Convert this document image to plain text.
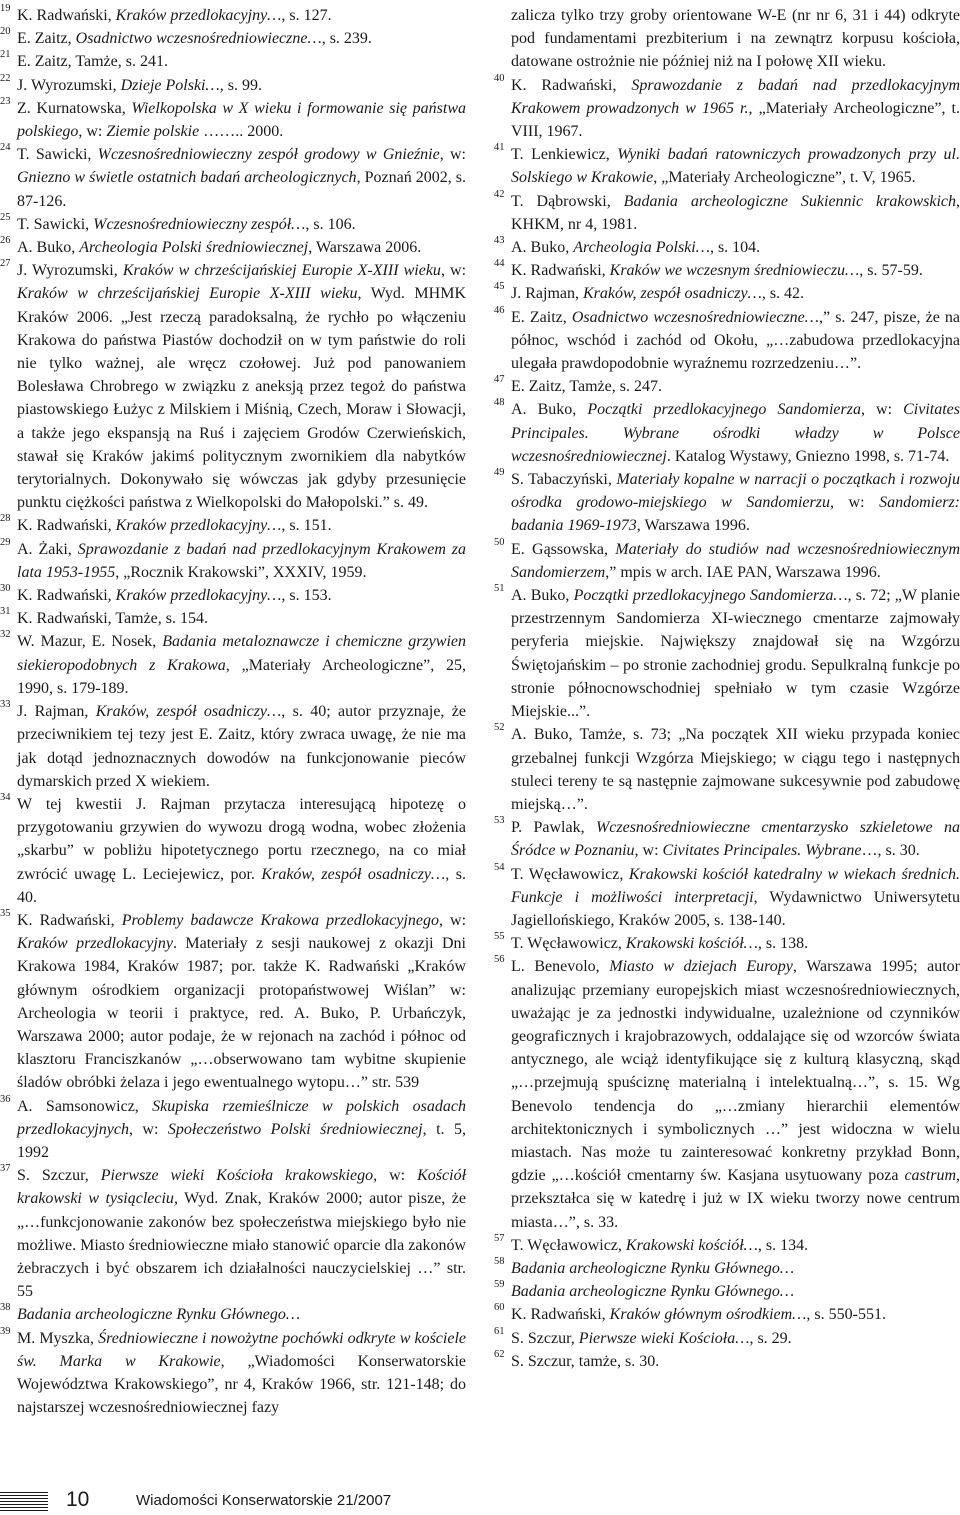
19 K. Radwański, Kraków przedlokacyjny…, s. 127.

20 E. Zaitz, Osadnictwo wczesnośredniowieczne…, s. 239.

21 E. Zaitz, Tamże, s. 241.

22 J. Wyrozumski, Dzieje Polski…, s. 99.

23 Z. Kurnatowska, Wielkopolska w X wieku i formowanie się państwa polskiego, w: Ziemie polskie …….. 2000.

24 T. Sawicki, Wczesnośredniowieczny zespół grodowy w Gnieźnie, w: Gniezno w świetle ostatnich badań archeologicznych, Poznań 2002, s. 87-126.

25 T. Sawicki, Wczesnośredniowieczny zespół…, s. 106.

26 A. Buko, Archeologia Polski średniowiecznej, Warszawa 2006.

27 J. Wyrozumski, Kraków w chrześcijańskiej Europie X-XIII wieku, w: Kraków w chrześcijańskiej Europie X-XIII wieku, Wyd. MHMK Kraków 2006. „Jest rzeczą paradoksalną, że rychło po włączeniu Krakowa do państwa Piastów dochodził on w tym państwie do roli nie tylko ważnej, ale wręcz czołowej. Już pod panowaniem Bolesława Chrobrego w związku z aneksją przez tegoż do państwa piastowskiego Łużyc z Milskiem i Miśnią, Czech, Moraw i Słowacji, a także jego ekspansją na Ruś i zajęciem Grodów Czerwieńskich, stawał się Kraków jakimś politycznym zwornikiem dla nabytków terytorialnych. Dokonywało się wówczas jak gdyby przesunięcie punktu ciężkości państwa z Wielkopolski do Małopolski.” s. 49.

28 K. Radwański, Kraków przedlokacyjny…, s. 151.

29 A. Żaki, Sprawozdanie z badań nad przedlokacyjnym Krakowem za lata 1953-1955, „Rocznik Krakowski”, XXXIV, 1959.

30 K. Radwański, Kraków przedlokacyjny…, s. 153.

31 K. Radwański, Tamże, s. 154.

32 W. Mazur, E. Nosek, Badania metaloznawcze i chemiczne grzywien siekieropodobnych z Krakowa, „Materiały Archeologiczne”, 25, 1990, s. 179-189.

33 J. Rajman, Kraków, zespół osadniczy…, s. 40; autor przyznaje, że przeciwnikiem tej tezy jest E. Zaitz, który zwraca uwagę, że nie ma jak dotąd jednoznacznych dowodów na funkcjonowanie pieców dymarskich przed X wiekiem.

34 W tej kwestii J. Rajman przytacza interesującą hipotezę o przygotowaniu grzywien do wywozu drogą wodna, wobec złożenia „skarbu” w pobliżu hipotetycznego portu rzecznego, na co miał zwrócić uwagę L. Leciejewicz, por. Kraków, zespół osadniczy…, s. 40.

35 K. Radwański, Problemy badawcze Krakowa przedlokacyjnego, w: Kraków przedlokacyjny. Materiały z sesji naukowej z okazji Dni Krakowa 1984, Kraków 1987; por. także K. Radwański „Kraków głównym ośrodkiem organizacji protopaństwowej Wiślan” w: Archeologia w teorii i praktyce, red. A. Buko, P. Urbańczyk, Warszawa 2000; autor podaje, że w rejonach na zachód i północ od klasztoru Franciszkanów „…obserwowano tam wybitne skupienie śladów obróbki żelaza i jego ewentualnego wytopu…” str. 539

36 A. Samsonowicz, Skupiska rzemieślnicze w polskich osadach przedlokacyjnych, w: Społeczeństwo Polski średniowiecznej, t. 5, 1992

37 S. Szczur, Pierwsze wieki Kościoła krakowskiego, w: Kościół krakowski w tysiącleciu, Wyd. Znak, Kraków 2000; autor pisze, że „…funkcjonowanie zakonów bez społeczeństwa miejskiego było nie możliwe. Miasto średniowieczne miało stanowić oparcie dla zakonów żebraczych i być obszarem ich działalności nauczycielskiej …” str. 55

38 Badania archeologiczne Rynku Głównego…

39 M. Myszka, Średniowieczne i nowożytne pochówki odkryte w kościele św. Marka w Krakowie, „Wiadomości Konserwatorskie Województwa Krakowskiego”, nr 4, Kraków 1966, str. 121-148; do najstarszej wczesnośredniowiecznej fazy

zalicza tylko trzy groby orientowane W-E (nr nr 6, 31 i 44) odkryte pod fundamentami prezbiterium i na zewnątrz korpusu kościoła, datowane ostrożnie nie później niż na I połowę XII wieku.

40 K. Radwański, Sprawozdanie z badań nad przedlokacyjnym Krakowem prowadzonych w 1965 r., „Materiały Archeologiczne”, t. VIII, 1967.

41 T. Lenkiewicz, Wyniki badań ratowniczych prowadzonych przy ul. Solskiego w Krakowie, „Materiały Archeologiczne”, t. V, 1965.

42 T. Dąbrowski, Badania archeologiczne Sukiennic krakowskich, KHKM, nr 4, 1981.

43 A. Buko, Archeologia Polski…, s. 104.

44 K. Radwański, Kraków we wczesnym średniowieczu…, s. 57-59.

45 J. Rajman, Kraków, zespół osadniczy…, s. 42.

46 E. Zaitz, Osadnictwo wczesnośredniowieczne…,” s. 247, pisze, że na północ, wschód i zachód od Okołu, „…zabudowa przedlokacyjna ulegała prawdopodobnie wyraźnemu rozrzedzeniu…”.

47 E. Zaitz, Tamże, s. 247.

48 A. Buko, Początki przedlokacyjnego Sandomierza, w: Civitates Principales. Wybrane ośrodki władzy w Polsce wczesnośredniowiecznej. Katalog Wystawy, Gniezno 1998, s. 71-74.

49 S. Tabaczyński, Materiały kopalne w narracji o początkach i rozwoju ośrodka grodowo-miejskiego w Sandomierzu, w: Sandomierz: badania 1969-1973, Warszawa 1996.

50 E. Gąssowska, Materiały do studiów nad wczesnośredniowiecznym Sandomierzem,” mpis w arch. IAE PAN, Warszawa 1996.

51 A. Buko, Początki przedlokacyjnego Sandomierza…, s. 72; „W planie przestrzennym Sandomierza XI-wiecznego cmentarze zajmowały peryferia miejskie. Największy znajdował się na Wzgórzu Świętojańskim – po stronie zachodniej grodu. Sepulkralną funkcje po stronie północnowschodniej spełniało w tym czasie Wzgórze Miejskie...”.

52 A. Buko, Tamże, s. 73; „Na początek XII wieku przypada koniec grzebalnej funkcji Wzgórza Miejskiego; w ciągu tego i następnych stuleci tereny te są następnie zajmowane sukcesywnie pod zabudowę miejską…”.

53 P. Pawlak, Wczesnośredniowieczne cmentarzysko szkieletowe na Śródce w Poznaniu, w: Civitates Principales. Wybrane…, s. 30.

54 T. Węcławowicz, Krakowski kościół katedralny w wiekach średnich. Funkcje i możliwości interpretacji, Wydawnictwo Uniwersytetu Jagiellońskiego, Kraków 2005, s. 138-140.

55 T. Węcławowicz, Krakowski kościół…, s. 138.

56 L. Benevolo, Miasto w dziejach Europy, Warszawa 1995; autor analizując przemiany europejskich miast wczesnośredniowiecznych, uważając je za jednostki indywidualne, uzależnione od czynników geograficznych i krajobrazowych, oddalające się od wzorców świata antycznego, ale wciąż identyfikujące się z kulturą klasyczną, skąd „…przejmują spuściznę materialną i intelektualną…”, s. 15. Wg Benevolo tendencja do „…zmiany hierarchii elementów architektonicznych i symbolicznych …” jest widoczna w wielu miastach. Nas może tu zainteresować konkretny przykład Bonn, gdzie „…kościół cmentarny św. Kasjana usytuowany poza castrum, przekształca się w katedrę i już w IX wieku tworzy nowe centrum miasta…”, s. 33.

57 T. Węcławowicz, Krakowski kościół…, s. 134.

58 Badania archeologiczne Rynku Głównego…

59 Badania archeologiczne Rynku Głównego…

60 K. Radwański, Kraków głównym ośrodkiem…, s. 550-551.

61 S. Szczur, Pierwsze wieki Kościoła…, s. 29.

62 S. Szczur, tamże, s. 30.

10	Wiadomości Konserwatorskie 21/2007
